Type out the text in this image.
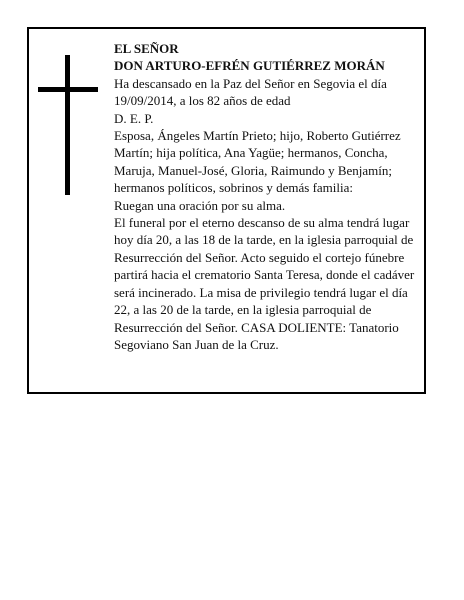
EL SEÑOR

DON ARTURO-EFRÉN GUTIÉRREZ MORÁN

Ha descansado en la Paz del Señor en Segovia el día 19/09/2014, a los 82 años de edad

D. E. P.

Esposa, Ángeles Martín Prieto; hijo, Roberto Gutiérrez Martín; hija política, Ana Yagüe; hermanos, Concha, Maruja, Manuel-José, Gloria, Raimundo y Benjamín; hermanos políticos, sobrinos y demás familia:

Ruegan una oración por su alma.

El funeral por el eterno descanso de su alma tendrá lugar hoy día 20, a las 18 de la tarde, en la iglesia parroquial de Resurrección del Señor. Acto seguido el cortejo fúnebre partirá hacia el crematorio Santa Teresa, donde el cadáver será incinerado. La misa de privilegio tendrá lugar el día 22, a las 20 de la tarde, en la iglesia parroquial de Resurrección del Señor. CASA DOLIENTE: Tanatorio Segoviano San Juan de la Cruz.
